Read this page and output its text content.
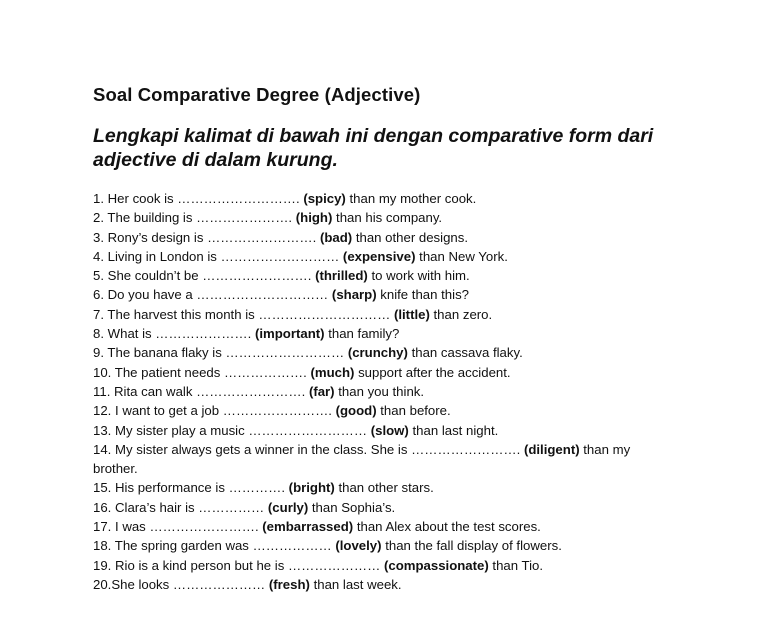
Soal Comparative Degree (Adjective)

Lengkapi kalimat di bawah ini dengan comparative form dari adjective di dalam kurung.

1. Her cook is ………………………. (spicy) than my mother cook.
2. The building is …………………. (high) than his company.
3. Rony’s design is ……………………. (bad) than other designs.
4. Living in London is ……………………… (expensive) than New York.
5. She couldn’t be ……………………. (thrilled) to work with him.
6. Do you have a ………………………… (sharp) knife than this?
7. The harvest this month is ………………………… (little) than zero.
8. What is …………………. (important) than family?
9. The banana flaky is ……………………… (crunchy) than cassava flaky.
10. The patient needs ………………. (much) support after the accident.
11. Rita can walk ……………………. (far) than you think.
12. I want to get a job ……………………. (good) than before.
13. My sister play a music ……………………… (slow) than last night.
14. My sister always gets a winner in the class. She is ……………………. (diligent) than my brother.
15. His performance is …………. (bright) than other stars.
16. Clara’s hair is …………… (curly) than Sophia’s.
17. I was ……………………. (embarrassed) than Alex about the test scores.
18. The spring garden was ……………… (lovely) than the fall display of flowers.
19. Rio is a kind person but he is ………………… (compassionate) than Tio.
20.She looks ………………… (fresh) than last week.
